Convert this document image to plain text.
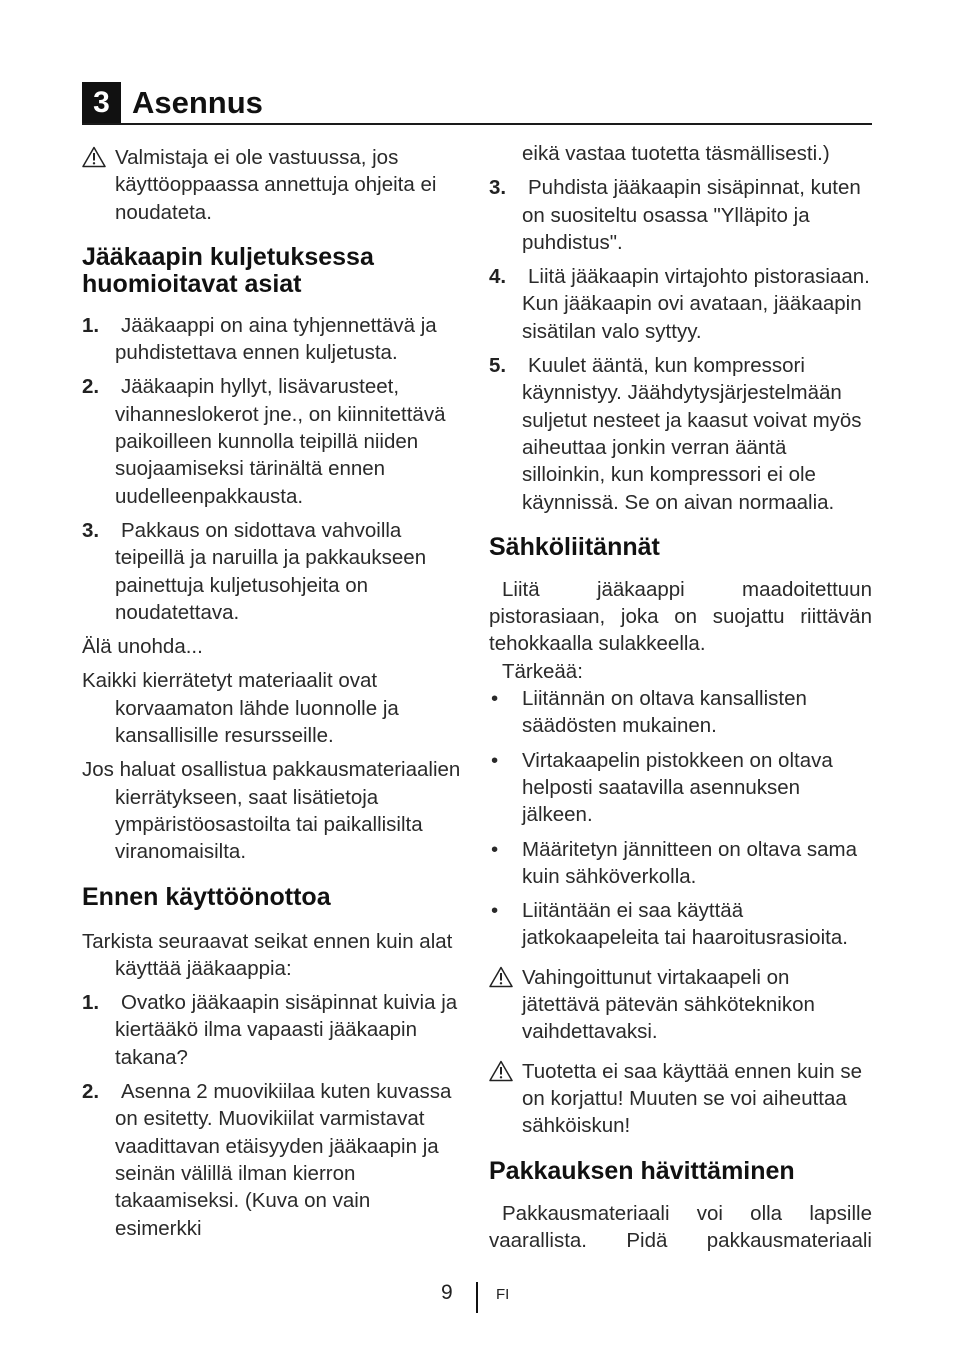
3 Asennus
Valmistaja ei ole vastuussa, jos käyttöoppaassa annettuja ohjeita ei noudateta.
Jääkaapin kuljetuksessa huomioitavat asiat
1. Jääkaappi on aina tyhjennettävä ja puhdistettava ennen kuljetusta.
2. Jääkaapin hyllyt, lisävarusteet, vihanneslokerot jne., on kiinnitettävä paikoilleen kunnolla teipillä niiden suojaamiseksi tärinältä ennen uudelleenpakkausta.
3. Pakkaus on sidottava vahvoilla teipeillä ja naruilla ja pakkaukseen painettuja kuljetusohjeita on noudatettava.

Älä unohda...

Kaikki kierrätetyt materiaalit ovat korvaamaton lähde luonnolle ja kansallisille resursseille.

Jos haluat osallistua pakkausmateriaalien kierrätykseen, saat lisätietoja ympäristöosastoilta tai paikallisilta viranomaisilta.

Ennen käyttöönottoa

Tarkista seuraavat seikat ennen kuin alat käyttää jääkaappia:

1. Ovatko jääkaapin sisäpinnat kuivia ja kiertääkö ilma vapaasti jääkaapin takana?
2. Asenna 2 muovikiilaa kuten kuvassa on esitetty. Muovikiilat varmistavat vaadittavan etäisyyden jääkaapin ja seinän välillä ilman kierron takaamiseksi. (Kuva on vain esimerkki

eikä vastaa tuotetta täsmällisesti.)

3. Puhdista jääkaapin sisäpinnat, kuten on suositeltu osassa "Ylläpito ja puhdistus".
4. Liitä jääkaapin virtajohto pistorasiaan. Kun jääkaapin ovi avataan, jääkaapin sisätilan valo syttyy.
5. Kuulet ääntä, kun kompressori käynnistyy. Jäähdytysjärjestelmään suljetut nesteet ja kaasut voivat myös aiheuttaa jonkin verran ääntä silloinkin, kun kompressori ei ole käynnissä. Se on aivan normaalia.
Sähköliitännät

Liitä jääkaappi maadoitettuun

pistorasiaan, joka on suojattu riittävän tehokkaalla sulakkeella.

Tärkeää:

• Liitännän on oltava kansallisten säädösten mukainen.
• Virtakaapelin pistokkeen on oltava helposti saatavilla asennuksen jälkeen.
• Määritetyn jännitteen on oltava sama kuin sähköverkolla.
• Liitäntään ei saa käyttää jatkokaapeleita tai haaroitusrasioita.
Vahingoittunut virtakaapeli on jätettävä pätevän sähköteknikon vaihdettavaksi.
Tuotetta ei saa käyttää ennen kuin se on korjattu! Muuten se voi aiheuttaa sähköiskun!
Pakkauksen hävittäminen

Pakkausmateriaali voi olla lapsille

vaarallista. Pidä pakkausmateriaali

9	FI
